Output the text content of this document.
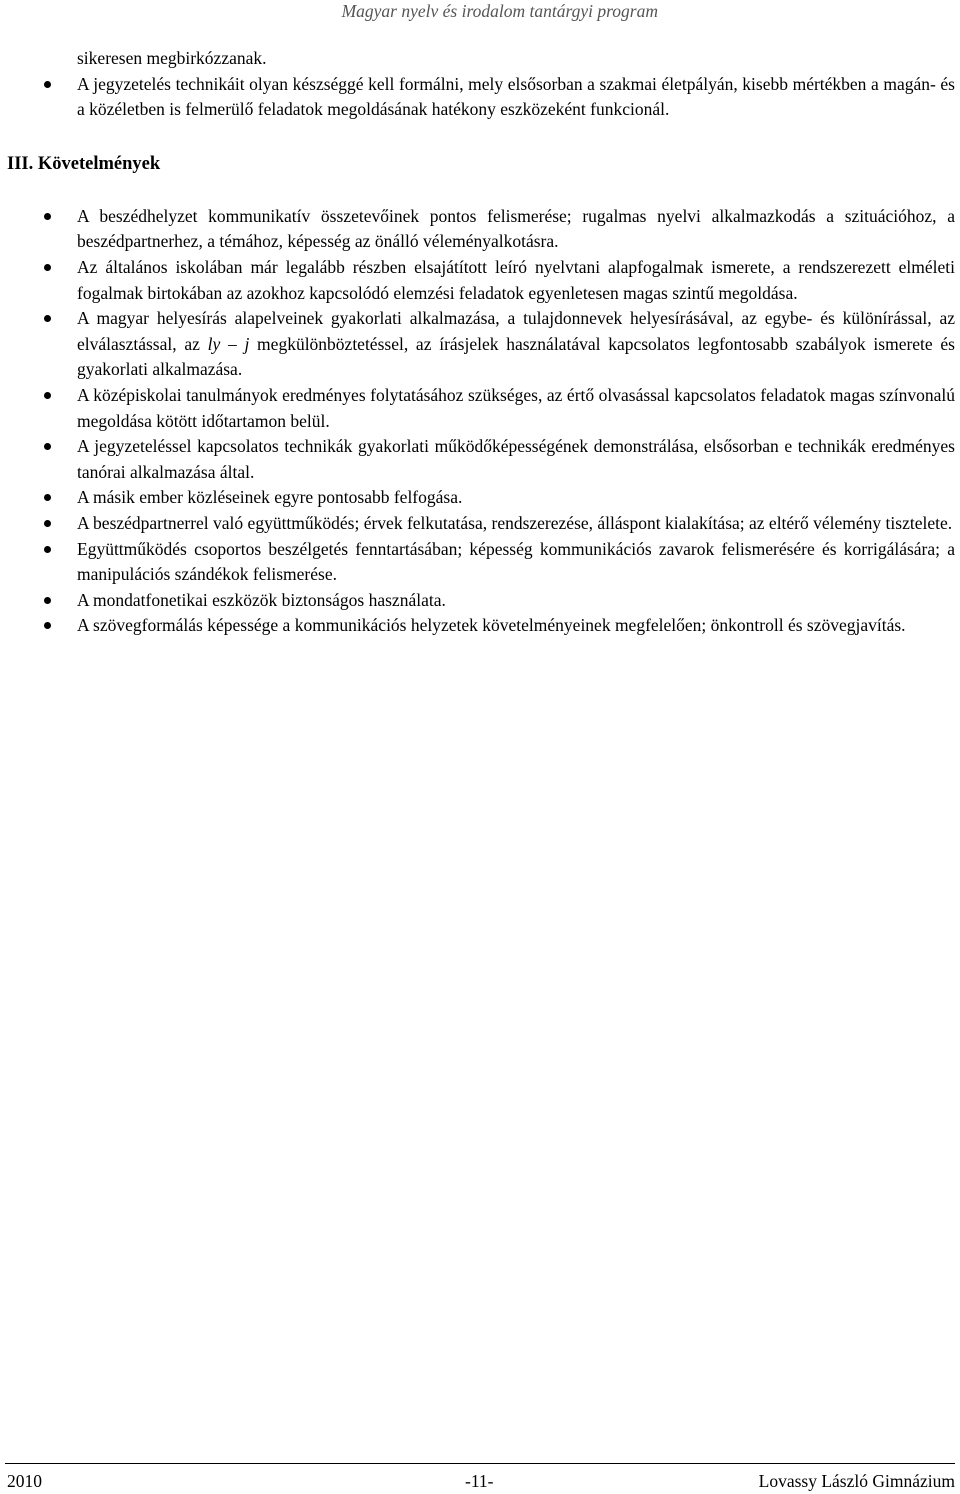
Magyar nyelv és irodalom tantárgyi program

sikeresen megbirkózzanak.

A jegyzetelés technikáit olyan készséggé kell formálni, mely elsősorban a szakmai életpályán, kisebb mértékben a magán- és a közéletben is felmerülő feladatok megoldásának hatékony eszközeként funkcionál.
III. Követelmények
A beszédhelyzet kommunikatív összetevőinek pontos felismerése; rugalmas nyelvi alkalmazkodás a szituációhoz, a beszédpartnerhez, a témához, képesség az önálló véleményalkotásra.
Az általános iskolában már legalább részben elsajátított leíró nyelvtani alapfogalmak ismerete, a rendszerezett elméleti fogalmak birtokában az azokhoz kapcsolódó elemzési feladatok egyenletesen magas szintű megoldása.
A magyar helyesírás alapelveinek gyakorlati alkalmazása, a tulajdonnevek helyesírásával, az egybe- és különírással, az elválasztással, az ly – j megkülönböztetéssel, az írásjelek használatával kapcsolatos legfontosabb szabályok ismerete és gyakorlati alkalmazása.
A középiskolai tanulmányok eredményes folytatásához szükséges, az értő olvasással kapcsolatos feladatok magas színvonalú megoldása kötött időtartamon belül.
A jegyzeteléssel kapcsolatos technikák gyakorlati működőképességének demonstrálása, elsősorban e technikák eredményes tanórai alkalmazása által.
A másik ember közléseinek egyre pontosabb felfogása.
A beszédpartnerrel való együttműködés; érvek felkutatása, rendszerezése, álláspont kialakítása; az eltérő vélemény tisztelete.
Együttműködés csoportos beszélgetés fenntartásában; képesség kommunikációs zavarok felismerésére és korrigálására; a manipulációs szándékok felismerése.
A mondatfonetikai eszközök biztonságos használata.
A szövegformálás képessége a kommunikációs helyzetek követelményeinek megfelelően; önkontroll és szövegjavítás.
2010	-11-	Lovassy László Gimnázium
